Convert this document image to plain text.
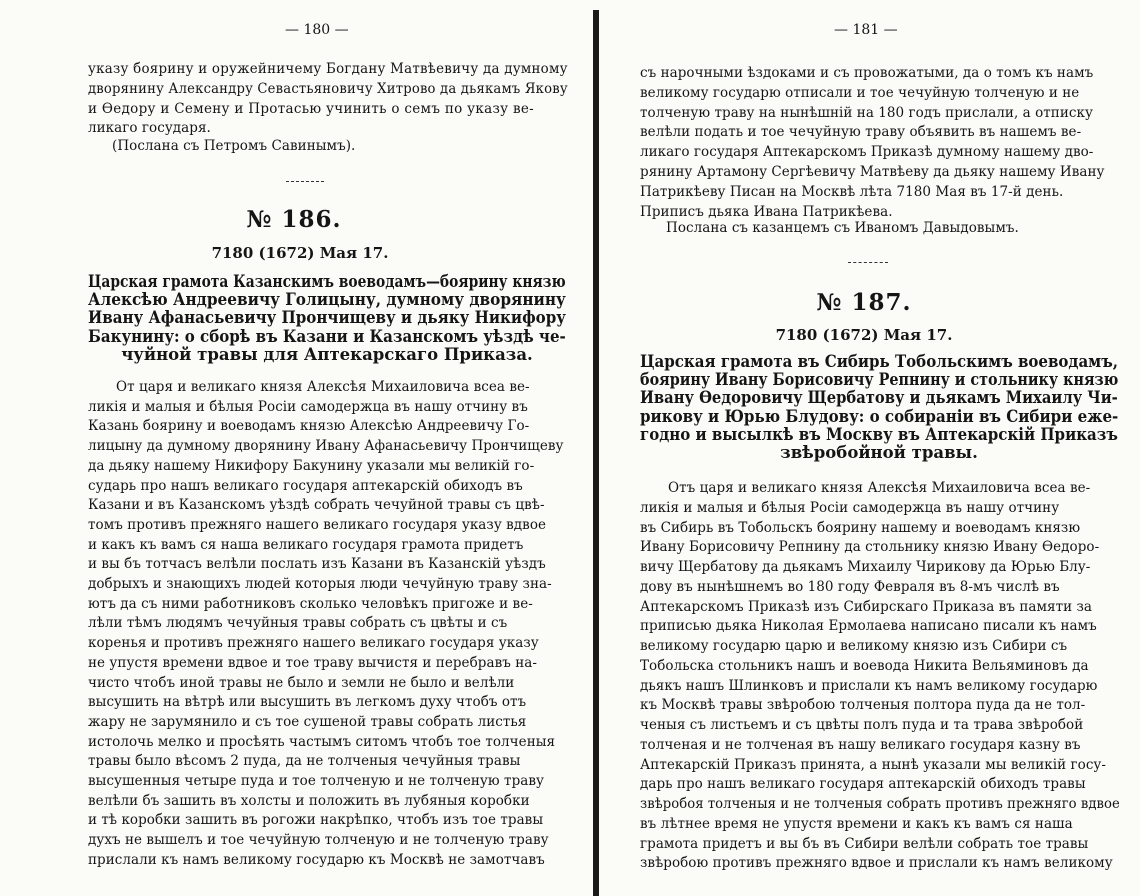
— 180 —

указу боярину и оружейничему Богдану Матвѣевичу да думному
дворянину Александру Севастьяновичу Хитрово да дьякамъ Якову
и Өедору и Семену и Протасью учинить о семъ по указу ве-
ликаго государя.

(Послана съ Петромъ Савинымъ).

№ 186.
7180 (1672) Мая 17.
Царская грамота Казанскимъ воеводамъ—боярину князю
Алексѣю Андреевичу Голицыну, думному дворянину
Ивану Афанасьевичу Прончищеву и дьяку Никифору
Бакунину: о сборѣ въ Казани и Казанскомъ уѣздѣ че-
чуйной травы для Аптекарскаго Приказа.

От царя и великаго князя Алексѣя Михаиловича всеа ве-
ликія и малыя и бѣлыя Росіи самодержца въ нашу отчину въ
Казань боярину и воеводамъ князю Алексѣю Андреевичу Го-
лицыну да думному дворянину Ивану Афанасьевичу Прончищеву
да дьяку нашему Никифору Бакунину указали мы великій го-
сударь про нашъ великаго государя аптекарскій обиходъ въ
Казани и въ Казанскомъ уѣздѣ собрать чечуйной травы съ цвѣ-
томъ противъ прежняго нашего великаго государя указу вдвое
и какъ къ вамъ ся наша великаго государя грамота придетъ
и вы бъ тотчасъ велѣли послать изъ Казани въ Казанскій уѣздъ
добрыхъ и знающихъ людей которыя люди чечуйную траву зна-
ютъ да съ ними работниковъ сколько человѣкъ пригоже и ве-
лѣли тѣмъ людямъ чечуйныя травы собрать съ цвѣты и съ
коренья и противъ прежняго нашего великаго государя указу
не упустя времени вдвое и тое траву вычистя и перебравъ на-
чисто чтобъ иной травы не было и земли не было и велѣли
высушить на вѣтрѣ или высушить въ легкомъ духу чтобъ отъ
жару не зарумянило и съ тое сушеной травы собрать листья
истолочь мелко и просѣять частымъ ситомъ чтобъ тое толченыя
травы было вѣсомъ 2 пуда, да не толченыя чечуйныя травы
высушенныя четыре пуда и тое толченую и не толченую траву
велѣли бъ зашить въ холсты и положить въ лубяныя коробки
и тѣ коробки зашить въ рогожи накрѣпко, чтобъ изъ тое травы
духъ не вышелъ и тое чечуйную толченую и не толченую траву
прислали къ намъ великому государю къ Москвѣ не замотчавъ

— 181 —

съ нарочными ѣздоками и съ провожатыми, да о томъ къ намъ
великому государю отписали и тое чечуйную толченую и не
толченую траву на нынѣшній на 180 годъ прислали, а отписку
велѣли подать и тое чечуйную траву объявить въ нашемъ ве-
ликаго государя Аптекарскомъ Приказѣ думному нашему дво-
рянину Артамону Сергѣевичу Матвѣеву да дьяку нашему Ивану
Патрикѣеву Писан на Москвѣ лѣта 7180 Мая въ 17-й день.
Приписъ дьяка Ивана Патрикѣева.

Послана съ казанцемъ съ Иваномъ Давыдовымъ.

№ 187.
7180 (1672) Мая 17.
Царская грамота въ Сибирь Тобольскимъ воеводамъ,
боярину Ивану Борисовичу Репнину и стольнику князю
Ивану Өедоровичу Щербатову и дьякамъ Михаилу Чи-
рикову и Юрью Блудову: о собираніи въ Сибири еже-
годно и высылкѣ въ Москву въ Аптекарскій Приказъ
звѣробойной травы.

Отъ царя и великаго князя Алексѣя Михаиловича всеа ве-
ликія и малыя и бѣлыя Росіи самодержца въ нашу отчину
въ Сибирь въ Тобольскъ боярину нашему и воеводамъ князю
Ивану Борисовичу Репнину да стольнику князю Ивану Өедоро-
вичу Щербатову да дьякамъ Михаилу Чирикову да Юрью Блу-
дову въ нынѣшнемъ во 180 году Февраля въ 8-мъ числѣ въ
Аптекарскомъ Приказѣ изъ Сибирскаго Приказа въ памяти за
приписью дьяка Николая Ермолаева написано писали къ намъ
великому государю царю и великому князю изъ Сибири съ
Тобольска стольникъ нашъ и воевода Никита Вельяминовъ да
дьякъ нашъ Шлинковъ и прислали къ намъ великому государю
къ Москвѣ травы звѣробою толченыя полтора пуда да не тол-
ченыя съ листьемъ и съ цвѣты полъ пуда и та трава звѣробой
толченая и не толченая въ нашу великаго государя казну въ
Аптекарскій Приказъ принята, а нынѣ указали мы великій госу-
дарь про нашъ великаго государя аптекарскій обиходъ травы
звѣробоя толченыя и не толченыя собрать противъ прежняго вдвое
въ лѣтнее время не упустя времени и какъ къ вамъ ся наша
грамота придетъ и вы бъ въ Сибири велѣли собрать тое травы
звѣробою противъ прежняго вдвое и прислали къ намъ великому
